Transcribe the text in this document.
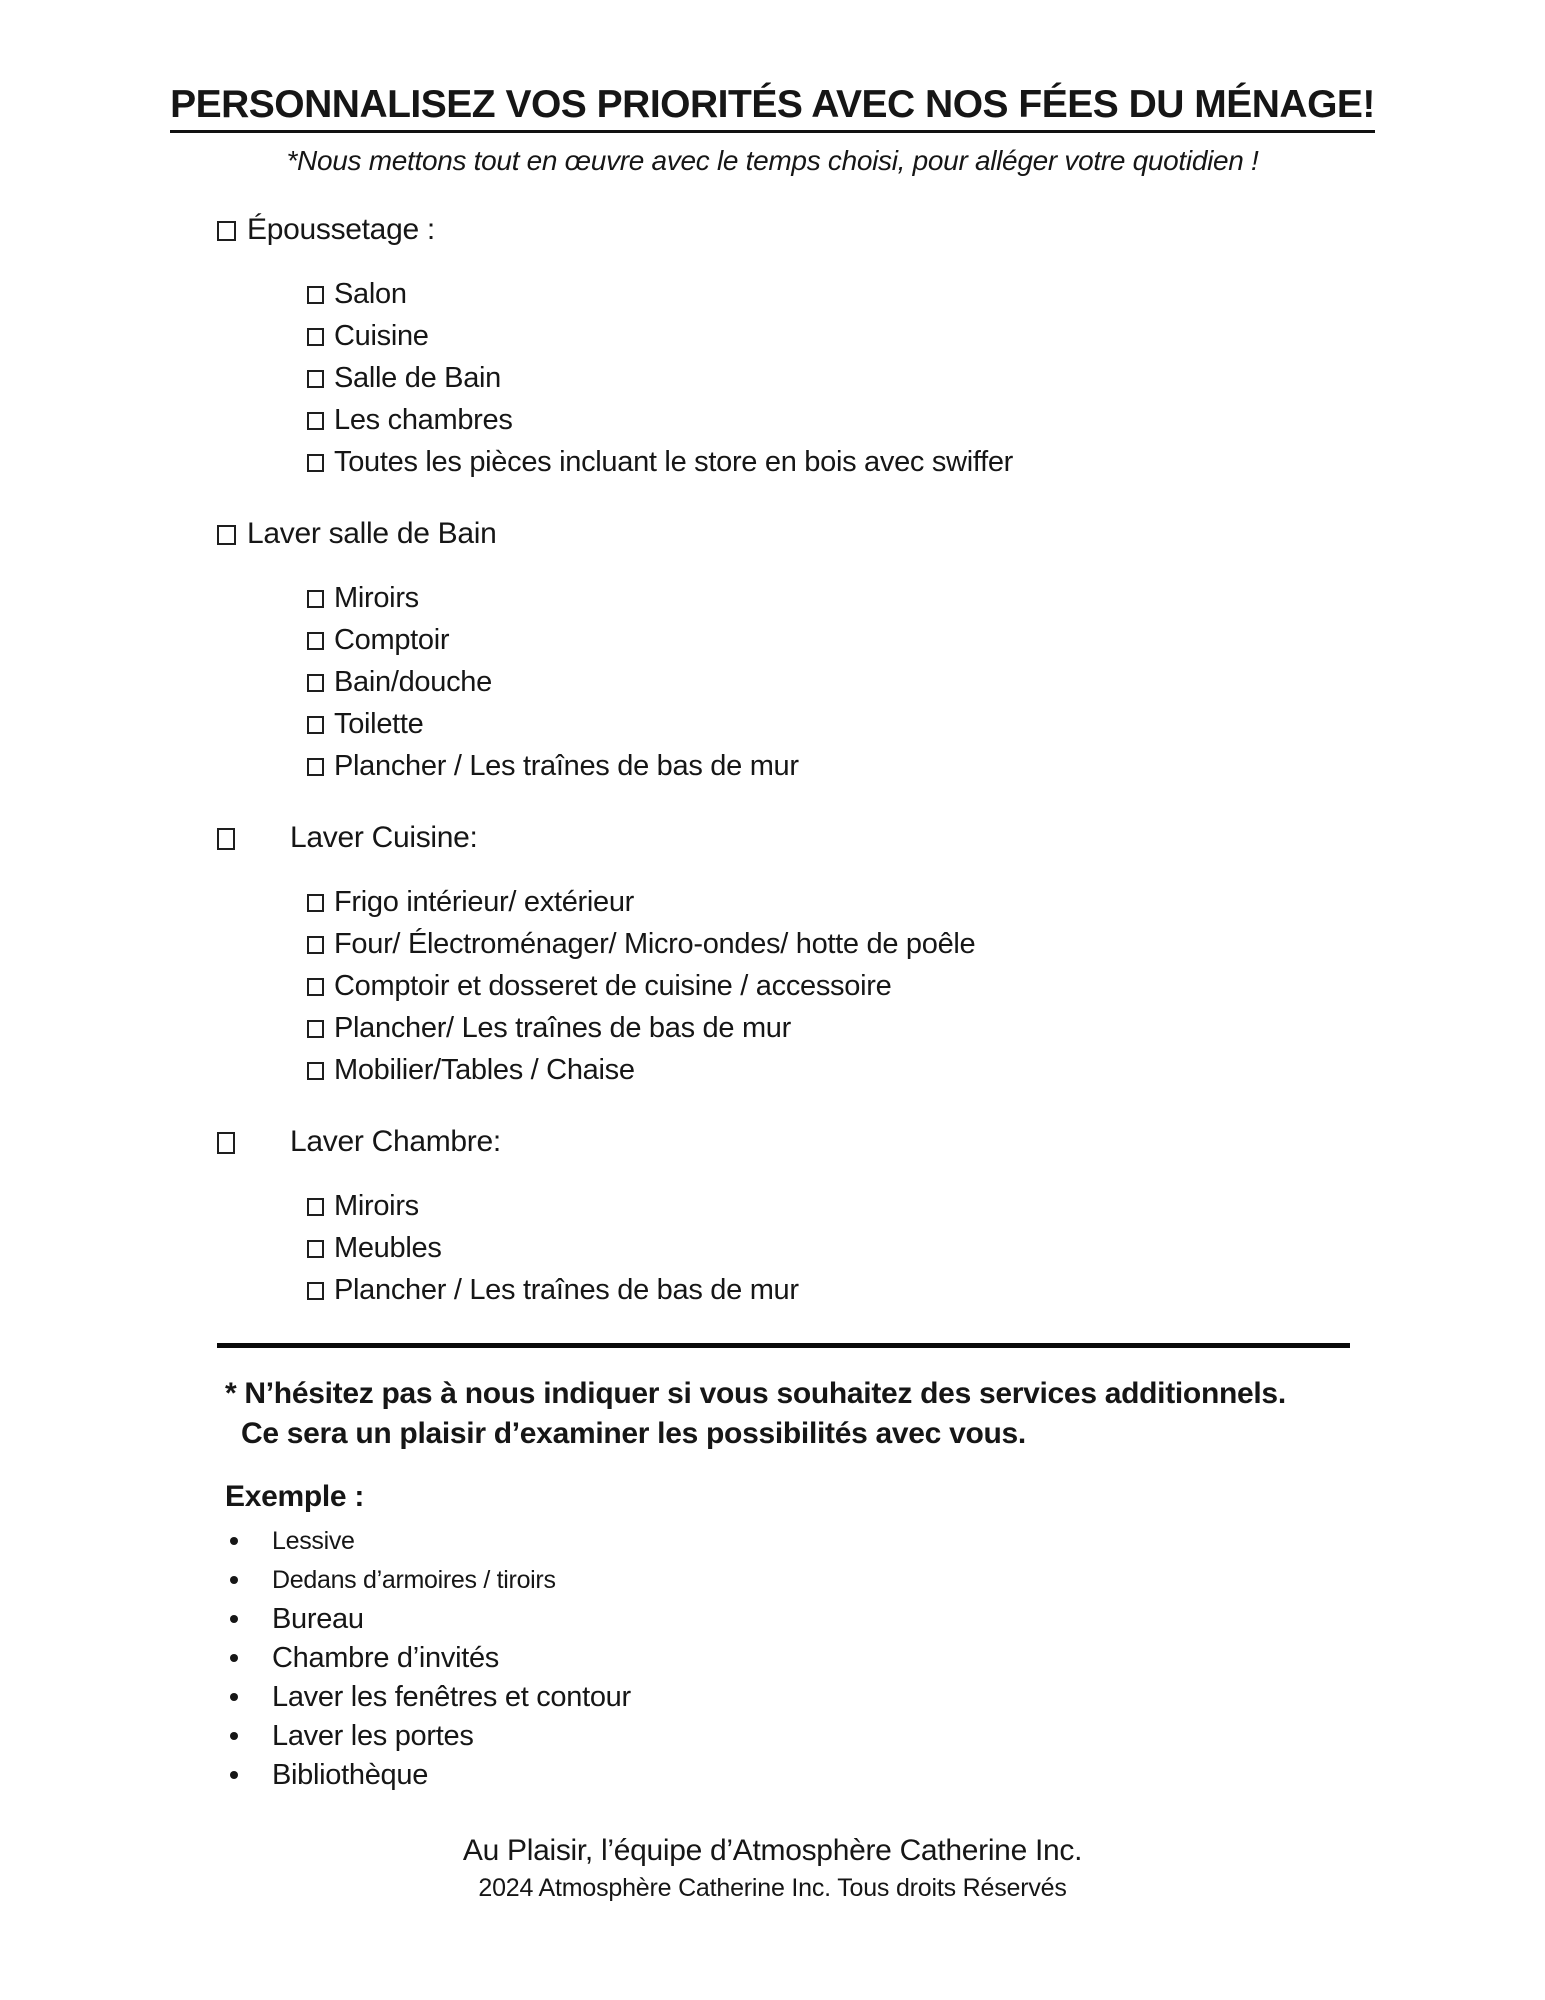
PERSONNALISEZ VOS PRIORITÉS AVEC NOS FÉES DU MÉNAGE!
*Nous mettons tout en œuvre avec le temps choisi, pour alléger votre quotidien !
Époussetage :
Salon
Cuisine
Salle de Bain
Les chambres
Toutes les pièces incluant le store en bois avec swiffer
Laver salle de Bain
Miroirs
Comptoir
Bain/douche
Toilette
Plancher / Les traînes de bas de mur
Laver Cuisine:
Frigo intérieur/ extérieur
Four/ Électroménager/ Micro-ondes/ hotte de poêle
Comptoir et dosseret de cuisine / accessoire
Plancher/ Les traînes de bas de mur
Mobilier/Tables / Chaise
Laver Chambre:
Miroirs
Meubles
Plancher / Les traînes de bas de mur
* N’hésitez pas à nous indiquer si vous souhaitez des services additionnels.
Ce sera un plaisir d’examiner les possibilités avec vous.
Exemple :
Lessive
Dedans d’armoires / tiroirs
Bureau
Chambre d’invités
Laver les fenêtres et contour
Laver les portes
Bibliothèque
Au Plaisir, l’équipe d’Atmosphère Catherine Inc.
2024 Atmosphère Catherine Inc. Tous droits Réservés
